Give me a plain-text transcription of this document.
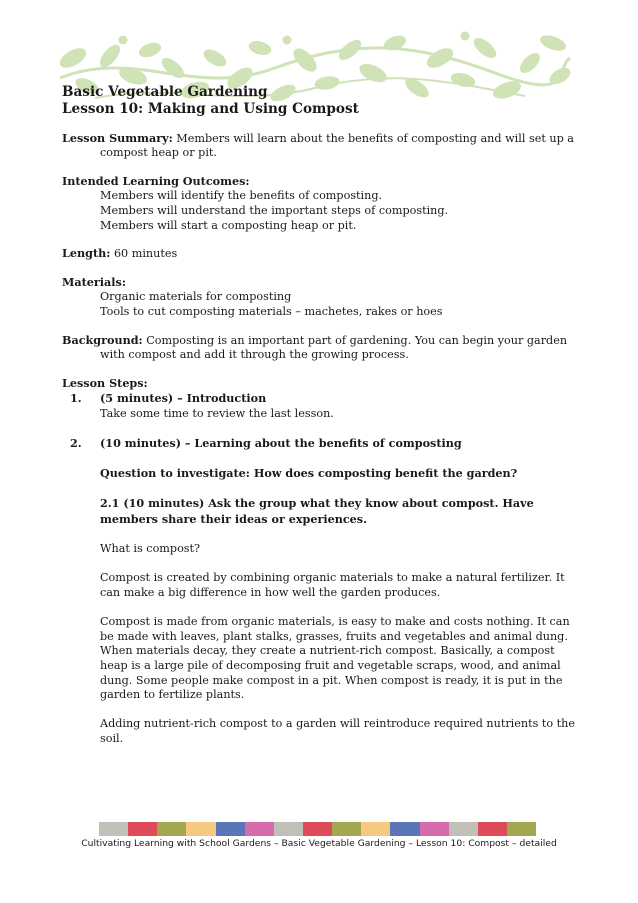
Basic Vegetable Gardening
Lesson 10: Making and Using Compost
Lesson Summary: Members will learn about the benefits of composting and will set up a compost heap or pit.
Intended Learning Outcomes:
Members will identify the benefits of composting.
Members will understand the important steps of composting.
Members will start a composting heap or pit.
Length: 60 minutes
Materials:
Organic materials for composting
Tools to cut composting materials – machetes, rakes or hoes
Background: Composting is an important part of gardening. You can begin your garden with compost and add it through the growing process.
Lesson Steps:
1. (5 minutes) – Introduction
Take some time to review the last lesson.
2. (10 minutes) – Learning about the benefits of composting
Question to investigate: How does composting benefit the garden?
2.1 (10 minutes) Ask the group what they know about compost. Have members share their ideas or experiences.
What is compost?
Compost is created by combining organic materials to make a natural fertilizer. It can make a big difference in how well the garden produces.
Compost is made from organic materials, is easy to make and costs nothing. It can be made with leaves, plant stalks, grasses, fruits and vegetables and animal dung. When materials decay, they create a nutrient-rich compost. Basically, a compost heap is a large pile of decomposing fruit and vegetable scraps, wood, and animal dung. Some people make compost in a pit. When compost is ready, it is put in the garden to fertilize plants.
Adding nutrient-rich compost to a garden will reintroduce required nutrients to the soil.
Cultivating Learning with School Gardens – Basic Vegetable Gardening – Lesson 10: Compost – detailed
